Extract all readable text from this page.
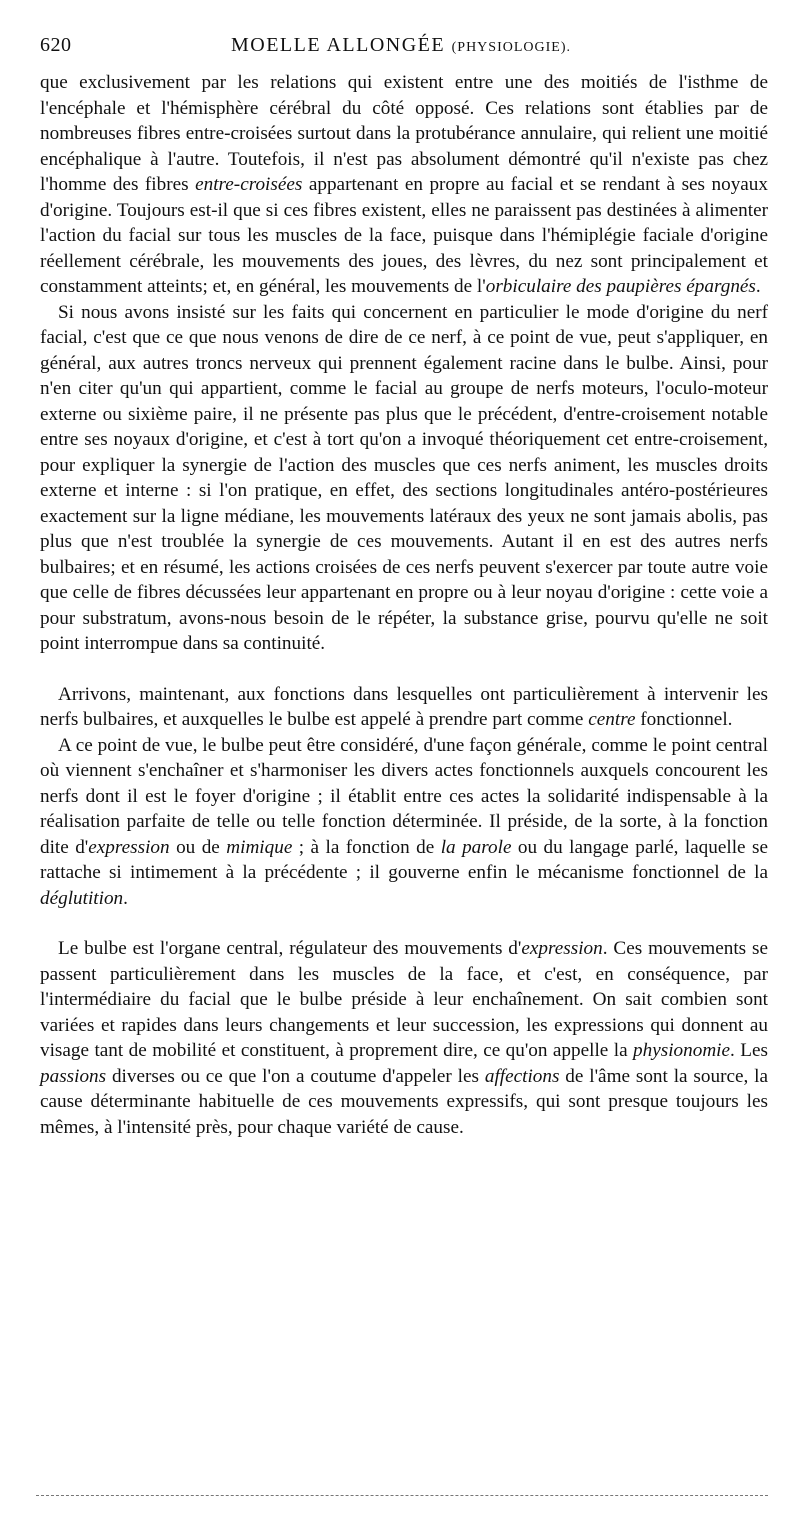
620	MOELLE ALLONGÉE (PHYSIOLOGIE).

que exclusivement par les relations qui existent entre une des moitiés de l'isthme de l'encéphale et l'hémisphère cérébral du côté opposé. Ces relations sont établies par de nombreuses fibres entre-croisées surtout dans la protubérance annulaire, qui relient une moitié encéphalique à l'autre. Toutefois, il n'est pas absolument démontré qu'il n'existe pas chez l'homme des fibres entre-croisées appartenant en propre au facial et se rendant à ses noyaux d'origine. Toujours est-il que si ces fibres existent, elles ne paraissent pas destinées à alimenter l'action du facial sur tous les muscles de la face, puisque dans l'hémiplégie faciale d'origine réellement cérébrale, les mouvements des joues, des lèvres, du nez sont principalement et constamment atteints; et, en général, les mouvements de l'orbiculaire des paupières épargnés.

Si nous avons insisté sur les faits qui concernent en particulier le mode d'origine du nerf facial, c'est que ce que nous venons de dire de ce nerf, à ce point de vue, peut s'appliquer, en général, aux autres troncs nerveux qui prennent également racine dans le bulbe. Ainsi, pour n'en citer qu'un qui appartient, comme le facial au groupe de nerfs moteurs, l'oculo-moteur externe ou sixième paire, il ne présente pas plus que le précédent, d'entre-croisement notable entre ses noyaux d'origine, et c'est à tort qu'on a invoqué théoriquement cet entre-croisement, pour expliquer la synergie de l'action des muscles que ces nerfs animent, les muscles droits externe et interne : si l'on pratique, en effet, des sections longitudinales antéro-postérieures exactement sur la ligne médiane, les mouvements latéraux des yeux ne sont jamais abolis, pas plus que n'est troublée la synergie de ces mouvements. Autant il en est des autres nerfs bulbaires; et en résumé, les actions croisées de ces nerfs peuvent s'exercer par toute autre voie que celle de fibres décussées leur appartenant en propre ou à leur noyau d'origine : cette voie a pour substratum, avons-nous besoin de le répéter, la substance grise, pourvu qu'elle ne soit point interrompue dans sa continuité.

Arrivons, maintenant, aux fonctions dans lesquelles ont particulièrement à intervenir les nerfs bulbaires, et auxquelles le bulbe est appelé à prendre part comme centre fonctionnel.

A ce point de vue, le bulbe peut être considéré, d'une façon générale, comme le point central où viennent s'enchaîner et s'harmoniser les divers actes fonctionnels auxquels concourent les nerfs dont il est le foyer d'origine ; il établit entre ces actes la solidarité indispensable à la réalisation parfaite de telle ou telle fonction déterminée. Il préside, de la sorte, à la fonction dite d'expression ou de mimique ; à la fonction de la parole ou du langage parlé, laquelle se rattache si intimement à la précédente ; il gouverne enfin le mécanisme fonctionnel de la déglutition.

Le bulbe est l'organe central, régulateur des mouvements d'expression. Ces mouvements se passent particulièrement dans les muscles de la face, et c'est, en conséquence, par l'intermédiaire du facial que le bulbe préside à leur enchaînement. On sait combien sont variées et rapides dans leurs changements et leur succession, les expressions qui donnent au visage tant de mobilité et constituent, à proprement dire, ce qu'on appelle la physionomie. Les passions diverses ou ce que l'on a coutume d'appeler les affections de l'âme sont la source, la cause déterminante habituelle de ces mouvements expressifs, qui sont presque toujours les mêmes, à l'intensité près, pour chaque variété de cause.
